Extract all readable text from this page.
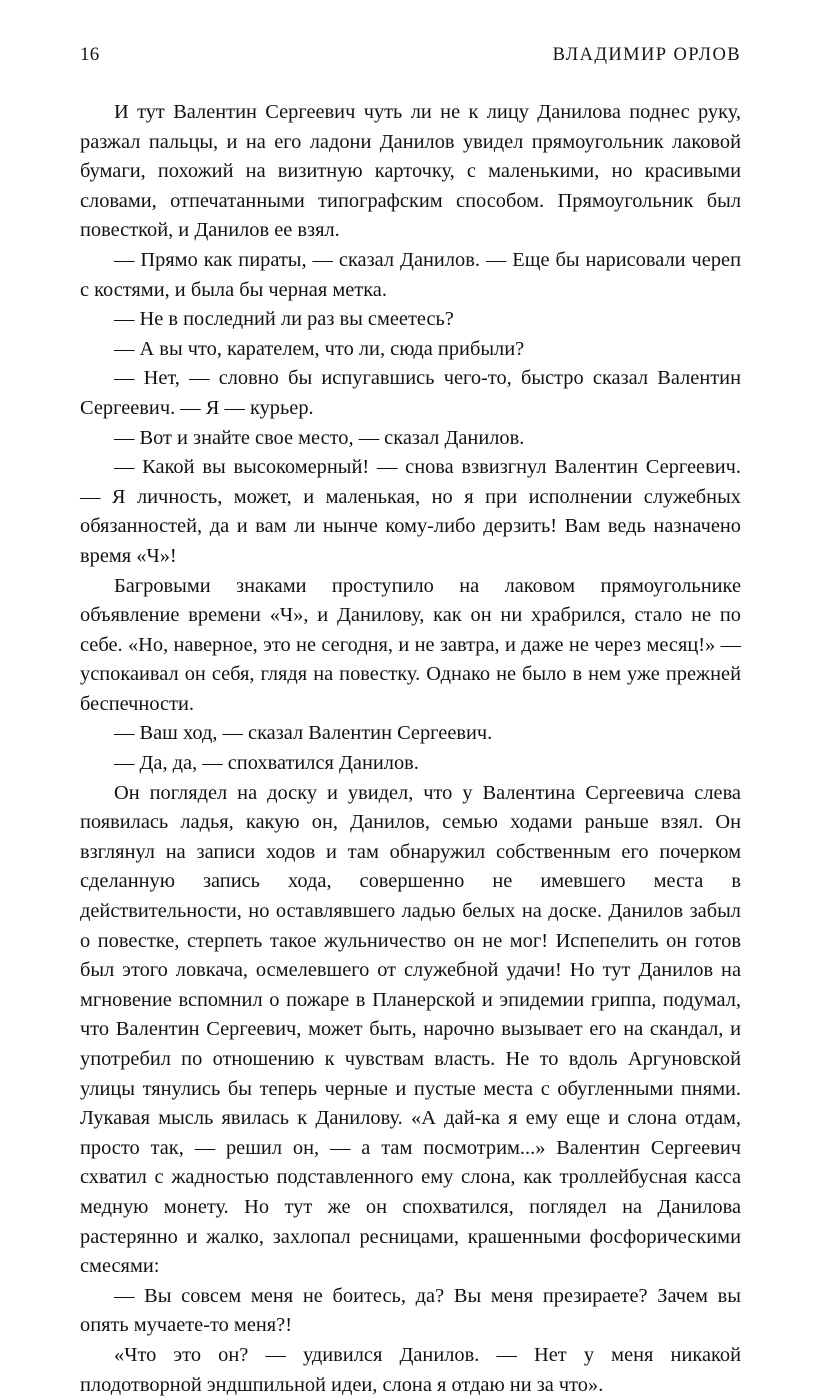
16	ВЛАДИМИР ОРЛОВ

И тут Валентин Сергеевич чуть ли не к лицу Данилова поднес руку, разжал пальцы, и на его ладони Данилов увидел прямоугольник лаковой бумаги, похожий на визитную карточку, с маленькими, но красивыми словами, отпечатанными типографским способом. Прямоугольник был повесткой, и Данилов ее взял.

— Прямо как пираты, — сказал Данилов. — Еще бы нарисовали череп с костями, и была бы черная метка.

— Не в последний ли раз вы смеетесь?

— А вы что, карателем, что ли, сюда прибыли?

— Нет, — словно бы испугавшись чего-то, быстро сказал Валентин Сергеевич. — Я — курьер.

— Вот и знайте свое место, — сказал Данилов.

— Какой вы высокомерный! — снова взвизгнул Валентин Сергеевич. — Я личность, может, и маленькая, но я при исполнении служебных обязанностей, да и вам ли нынче кому-либо дерзить! Вам ведь назначено время «Ч»!

Багровыми знаками проступило на лаковом прямоугольнике объявление времени «Ч», и Данилову, как он ни храбрился, стало не по себе. «Но, наверное, это не сегодня, и не завтра, и даже не через месяц!» — успокаивал он себя, глядя на повестку. Однако не было в нем уже прежней беспечности.

— Ваш ход, — сказал Валентин Сергеевич.

— Да, да, — спохватился Данилов.

Он поглядел на доску и увидел, что у Валентина Сергеевича слева появилась ладья, какую он, Данилов, семью ходами раньше взял. Он взглянул на записи ходов и там обнаружил собственным его почерком сделанную запись хода, совершенно не имевшего места в действительности, но оставлявшего ладью белых на доске. Данилов забыл о повестке, стерпеть такое жульничество он не мог! Испепелить он готов был этого ловкача, осмелевшего от служебной удачи! Но тут Данилов на мгновение вспомнил о пожаре в Планерской и эпидемии гриппа, подумал, что Валентин Сергеевич, может быть, нарочно вызывает его на скандал, и употребил по отношению к чувствам власть. Не то вдоль Аргуновской улицы тянулись бы теперь черные и пустые места с обугленными пнями. Лукавая мысль явилась к Данилову. «А дай-ка я ему еще и слона отдам, просто так, — решил он, — а там посмотрим...» Валентин Сергеевич схватил с жадностью подставленного ему слона, как троллейбусная касса медную монету. Но тут же он спохватился, поглядел на Данилова растерянно и жалко, захлопал ресницами, крашенными фосфорическими смесями:

— Вы совсем меня не боитесь, да? Вы меня презираете? Зачем вы опять мучаете-то меня?!

«Что это он? — удивился Данилов. — Нет у меня никакой плодотворной эндшпильной идеи, слона я отдаю ни за что».
